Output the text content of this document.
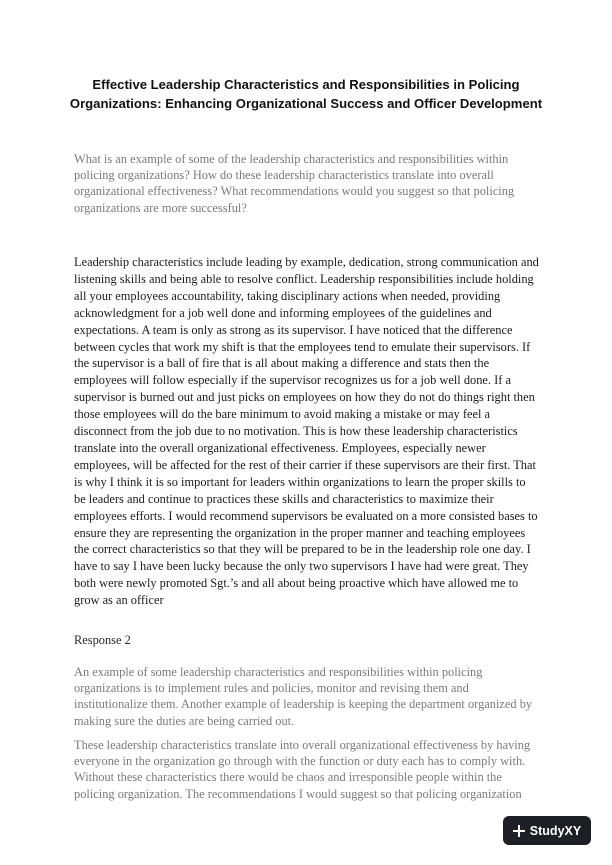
Effective Leadership Characteristics and Responsibilities in Policing
Organizations: Enhancing Organizational Success and Officer Development

What is an example of some of the leadership characteristics and responsibilities within
policing organizations? How do these leadership characteristics translate into overall
organizational effectiveness? What recommendations would you suggest so that policing
organizations are more successful?

Leadership characteristics include leading by example, dedication, strong communication and
listening skills and being able to resolve conflict. Leadership responsibilities include holding
all your employees accountability, taking disciplinary actions when needed, providing
acknowledgment for a job well done and informing employees of the guidelines and
expectations. A team is only as strong as its supervisor. I have noticed that the difference
between cycles that work my shift is that the employees tend to emulate their supervisors. If
the supervisor is a ball of fire that is all about making a difference and stats then the
employees will follow especially if the supervisor recognizes us for a job well done. If a
supervisor is burned out and just picks on employees on how they do not do things right then
those employees will do the bare minimum to avoid making a mistake or may feel a
disconnect from the job due to no motivation. This is how these leadership characteristics
translate into the overall organizational effectiveness. Employees, especially newer
employees, will be affected for the rest of their carrier if these supervisors are their first. That
is why I think it is so important for leaders within organizations to learn the proper skills to
be leaders and continue to practices these skills and characteristics to maximize their
employees efforts. I would recommend supervisors be evaluated on a more consisted bases to
ensure they are representing the organization in the proper manner and teaching employees
the correct characteristics so that they will be prepared to be in the leadership role one day. I
have to say I have been lucky because the only two supervisors I have had were great. They
both were newly promoted Sgt.’s and all about being proactive which have allowed me to
grow as an officer

Response 2

An example of some leadership characteristics and responsibilities within policing
organizations is to implement rules and policies, monitor and revising them and
institutionalize them. Another example of leadership is keeping the department organized by
making sure the duties are being carried out.

These leadership characteristics translate into overall organizational effectiveness by having
everyone in the organization go through with the function or duty each has to comply with.
Without these characteristics there would be chaos and irresponsible people within the
policing organization. The recommendations I would suggest so that policing organization

StudyXY
